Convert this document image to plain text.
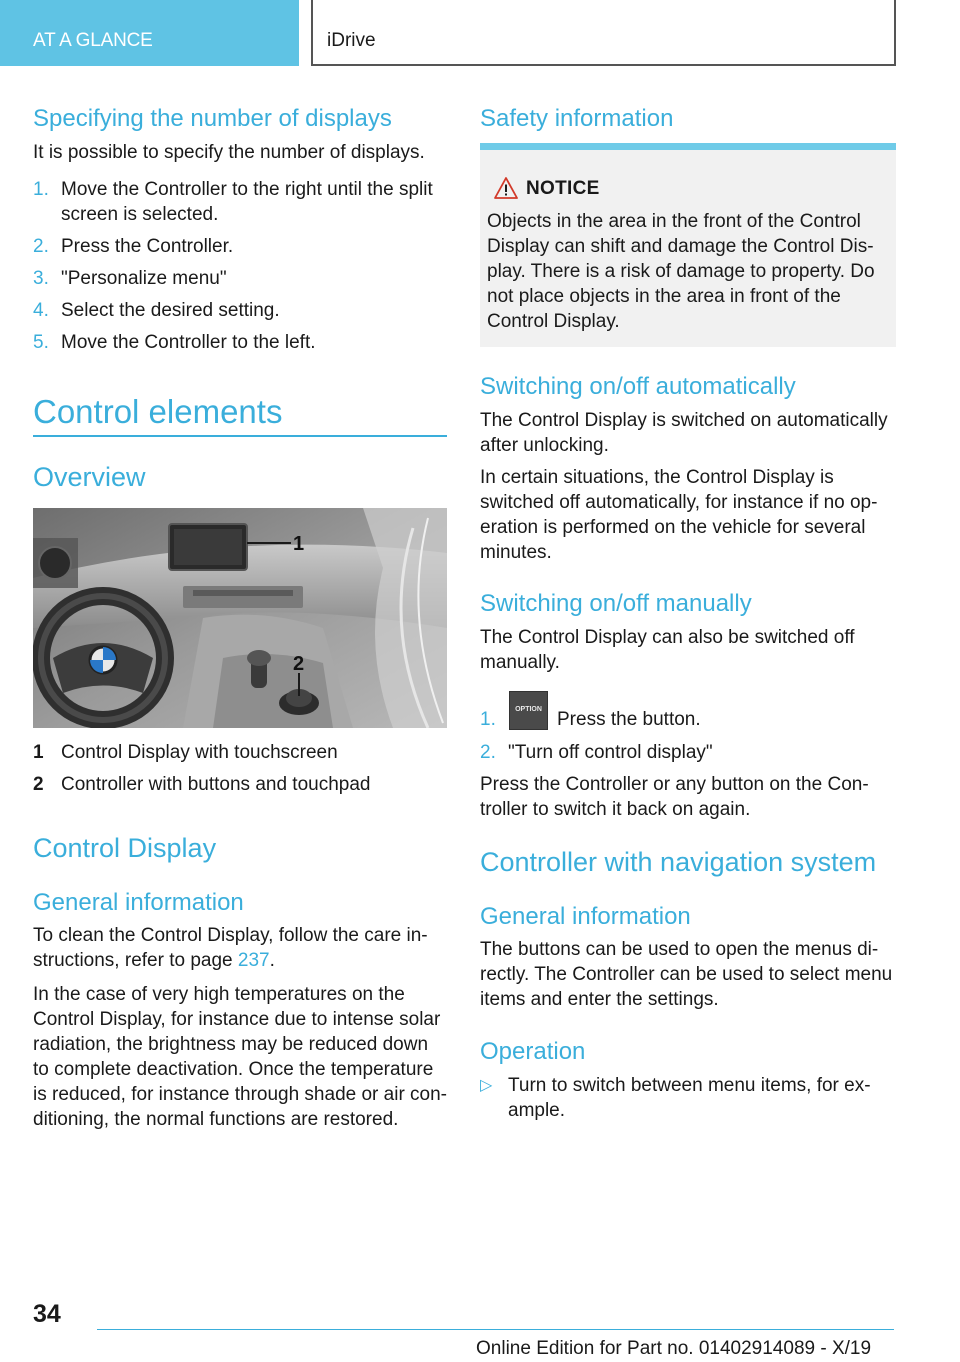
AT A GLANCE	iDrive
Specifying the number of displays
It is possible to specify the number of displays.
1. Move the Controller to the right until the split screen is selected.
2. Press the Controller.
3. "Personalize menu"
4. Select the desired setting.
5. Move the Controller to the left.
Control elements
Overview
1
2
1 Control Display with touchscreen
2 Controller with buttons and touchpad
Control Display
General information
To clean the Control Display, follow the care in-structions, refer to page 237.
In the case of very high temperatures on the Control Display, for instance due to intense solar radiation, the brightness may be reduced down to complete deactivation. Once the temperature is reduced, for instance through shade or air con-ditioning, the normal functions are restored.
Safety information
NOTICE
Objects in the area in the front of the Control Display can shift and damage the Control Dis-play. There is a risk of damage to property. Do not place objects in the area in front of the Control Display.
Switching on/off automatically
The Control Display is switched on automatically after unlocking.
In certain situations, the Control Display is switched off automatically, for instance if no op-eration is performed on the vehicle for several minutes.
Switching on/off manually
The Control Display can also be switched off manually.
1.	Press the button.
OPTION
2. "Turn off control display"
Press the Controller or any button on the Con-troller to switch it back on again.
Controller with navigation system
General information
The buttons can be used to open the menus di-rectly. The Controller can be used to select menu items and enter the settings.
Operation
▷ Turn to switch between menu items, for ex-ample.
34
Online Edition for Part no. 01402914089 - X/19
